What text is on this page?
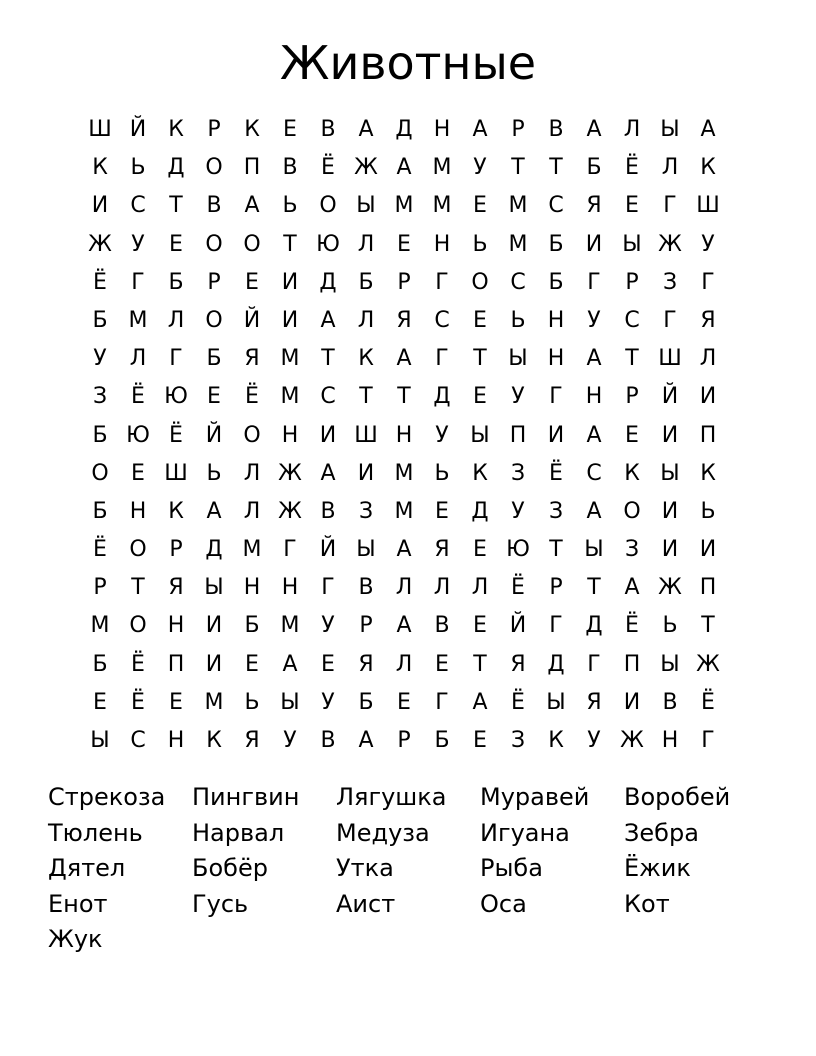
Животные
Ш Й К	Р	К	Е	В	А Д Н	А	Р	В	А	Л Ы А
К	Ь Д О П	В	Ё Ж А М У	Т	Т	Б	Ё	Л К
И	С	Т	В	А	Ь О Ы М М Е М С	Я	Е	Г Ш
Ж У	Е	О О	Т Ю Л	Е	Н	Ь М Б	И Ы Ж У
Ё	Г	Б	Р	Е	И Д Б	Р	Г	О С	Б	Г	Р	З	Г
Б М Л О Й И	А	Л	Я	С	Е	Ь	Н	У	С	Г	Я
У	Л	Г	Б	Я М Т	К	А	Г	Т Ы Н	А	Т Ш Л
З	Ё Ю Е	Ё М С	Т	Т	Д	Е	У	Г	Н	Р	Й И
Б Ю Ё	Й О Н И Ш Н	У Ы П И	А	Е	И П
О	Е Ш Ь	Л Ж А	И М Ь	К	З	Ё	С	К Ы К
Б	Н К	А	Л Ж В	З М Е	Д	У	З	А О И	Ь
Ё	О	Р	Д М Г	Й Ы А	Я	Е Ю Т Ы З	И И
Р	Т	Я Ы Н Н	Г	В	Л Л Л	Ё	Р	Т	А Ж П
М О Н И	Б М У	Р	А	В	Е	Й	Г	Д	Ё	Ь	Т
Б	Ё	П И	Е	А	Е	Я	Л	Е	Т	Я Д	Г	П Ы Ж
Е	Ё	Е М Ь Ы У	Б	Е	Г	А	Ё Ы Я	И	В	Ё
Ы С	Н К	Я	У	В	А	Р	Б	Е	З	К	У Ж Н	Г
Стрекоза	Пингвин	Лягушка	Муравей	Воробей
Тюлень	Нарвал	Медуза	Игуана	Зебра
Дятел	Бобёр	Утка	Рыба	Ёжик
Енот	Гусь	Аист	Оса	Кот
Жук
